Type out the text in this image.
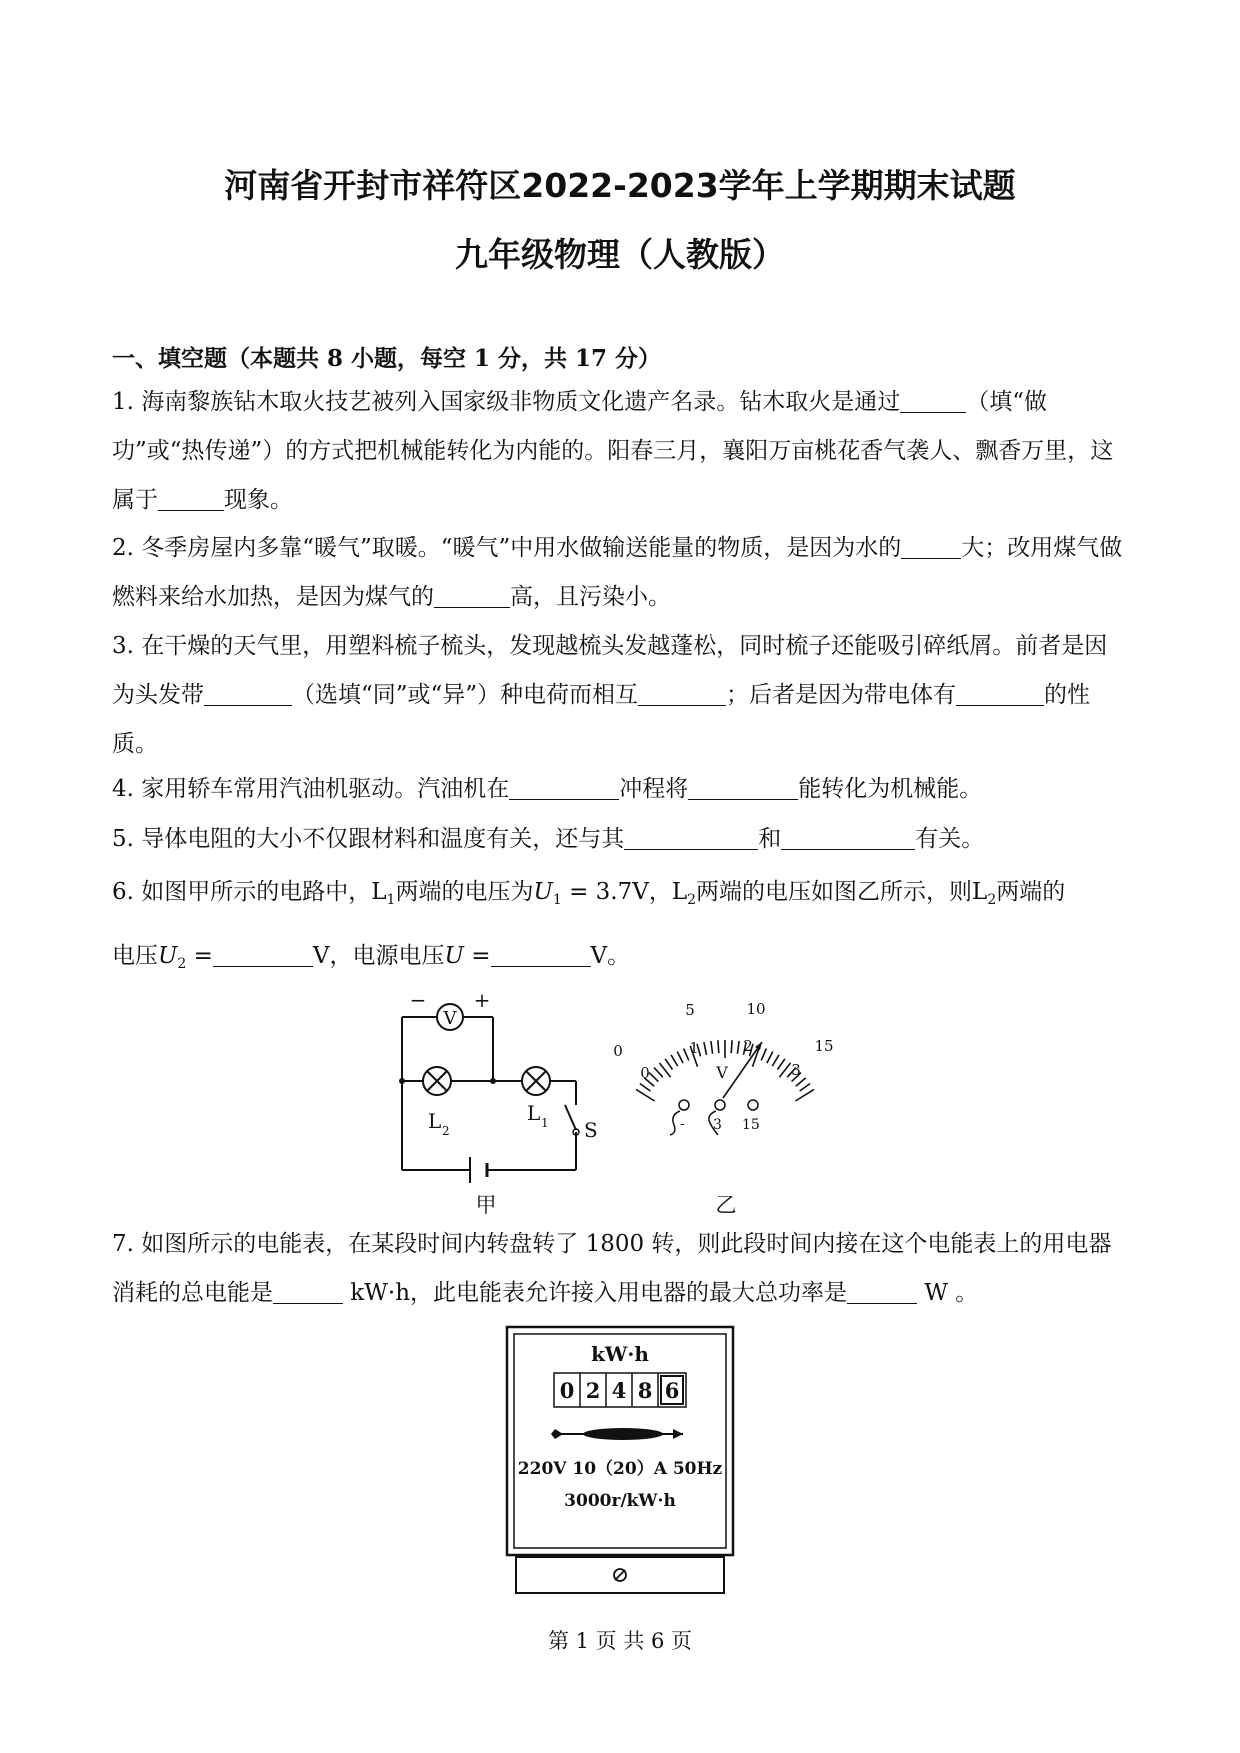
河南省开封市祥符区2022-2023学年上学期期末试题
九年级物理（人教版）
一、填空题（本题共 8 小题，每空 1 分，共 17 分）
1. 海南黎族钻木取火技艺被列入国家级非物质文化遗产名录。钻木取火是通过	（填“做功”或“热传递”）的方式把机械能转化为内能的。阳春三月，襄阳万亩桃花香气袭人、飘香万里，这属于	现象。
2. 冬季房屋内多靠“暖气”取暖。“暖气”中用水做输送能量的物质，是因为水的	大；改用煤气做燃料来给水加热，是因为煤气的	高，且污染小。
3. 在干燥的天气里，用塑料梳子梳头，发现越梳头发越蓬松，同时梳子还能吸引碎纸屑。前者是因为头发带	（选填“同”或“异”）种电荷而相互	；后者是因为带电体有	的性质。
4. 家用轿车常用汽油机驱动。汽油机在	冲程将	能转化为机械能。
5. 导体电阻的大小不仅跟材料和温度有关，还与其	和	有关。
6. 如图甲所示的电路中，$L_1$两端的电压为$U_1 = 3.7V$，$L_2$两端的电压如图乙所示，则$L_2$两端的
电压$U_2$ =	V，电源电压U =	V。
V
− +
L 2
L 1 S
甲
0
5	10
15
0
1	2
3
V
- 3 15
乙
7. 如图所示的电能表，在某段时间内转盘转了 1800 转，则此段时间内接在这个电能表上的用电器消耗的总电能是	kW·h，此电能表允许接入用电器的最大总功率是	W 。
kW·h
0 2 4 8 6
220V 10（20）A 50Hz
3000r/kW·h
第 1 页 共 6 页
